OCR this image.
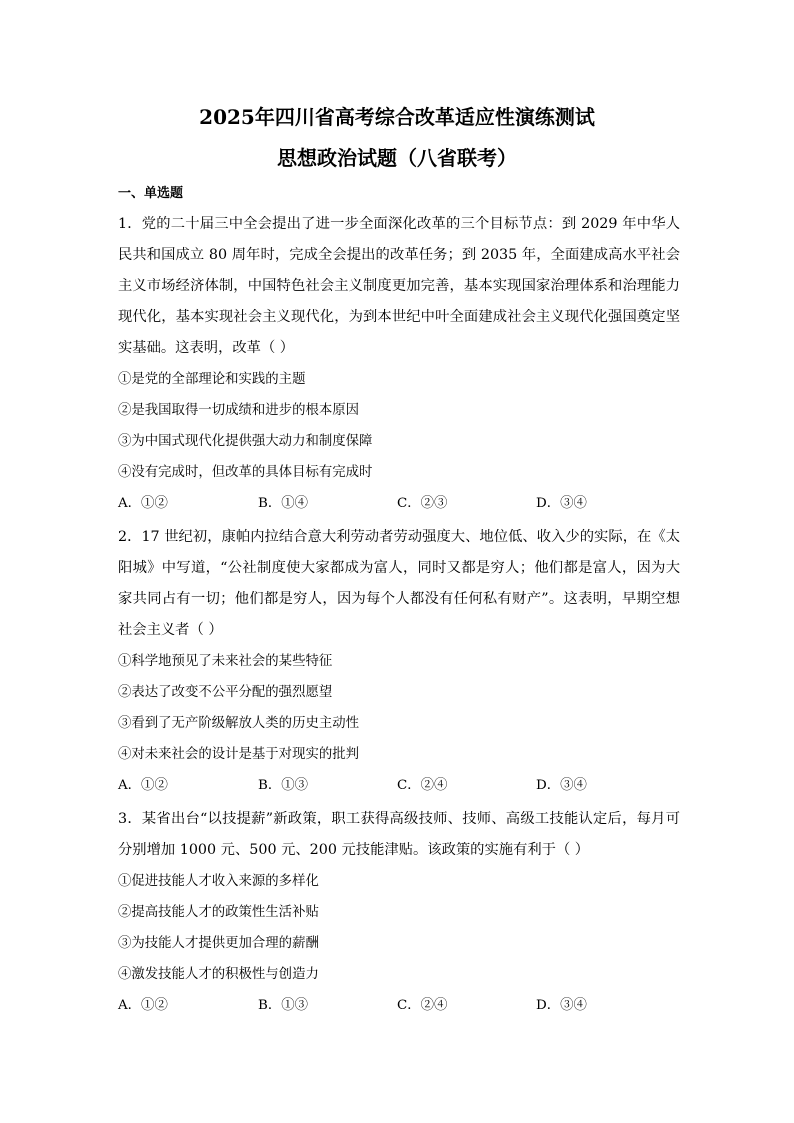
2025年四川省高考综合改革适应性演练测试
思想政治试题（八省联考）
一、单选题

1．党的二十届三中全会提出了进一步全面深化改革的三个目标节点：到 2029 年中华人民共和国成立 80 周年时，完成全会提出的改革任务；到 2035 年，全面建成高水平社会主义市场经济体制，中国特色社会主义制度更加完善，基本实现国家治理体系和治理能力现代化，基本实现社会主义现代化，为到本世纪中叶全面建成社会主义现代化强国奠定坚实基础。这表明，改革（ ）

①是党的全部理论和实践的主题

②是我国取得一切成绩和进步的根本原因

③为中国式现代化提供强大动力和制度保障

④没有完成时，但改革的具体目标有完成时

A．①②	B．①④	C．②③	D．③④

2．17 世纪初，康帕内拉结合意大利劳动者劳动强度大、地位低、收入少的实际，在《太阳城》中写道，“公社制度使大家都成为富人，同时又都是穷人；他们都是富人，因为大家共同占有一切；他们都是穷人，因为每个人都没有任何私有财产”。这表明，早期空想社会主义者（ ）

①科学地预见了未来社会的某些特征

②表达了改变不公平分配的强烈愿望

③看到了无产阶级解放人类的历史主动性

④对未来社会的设计是基于对现实的批判

A．①②	B．①③	C．②④	D．③④

3．某省出台“以技提薪”新政策，职工获得高级技师、技师、高级工技能认定后，每月可分别增加 1000 元、500 元、200 元技能津贴。该政策的实施有利于（ ）

①促进技能人才收入来源的多样化

②提高技能人才的政策性生活补贴

③为技能人才提供更加合理的薪酬

④激发技能人才的积极性与创造力

A．①②	B．①③	C．②④	D．③④
